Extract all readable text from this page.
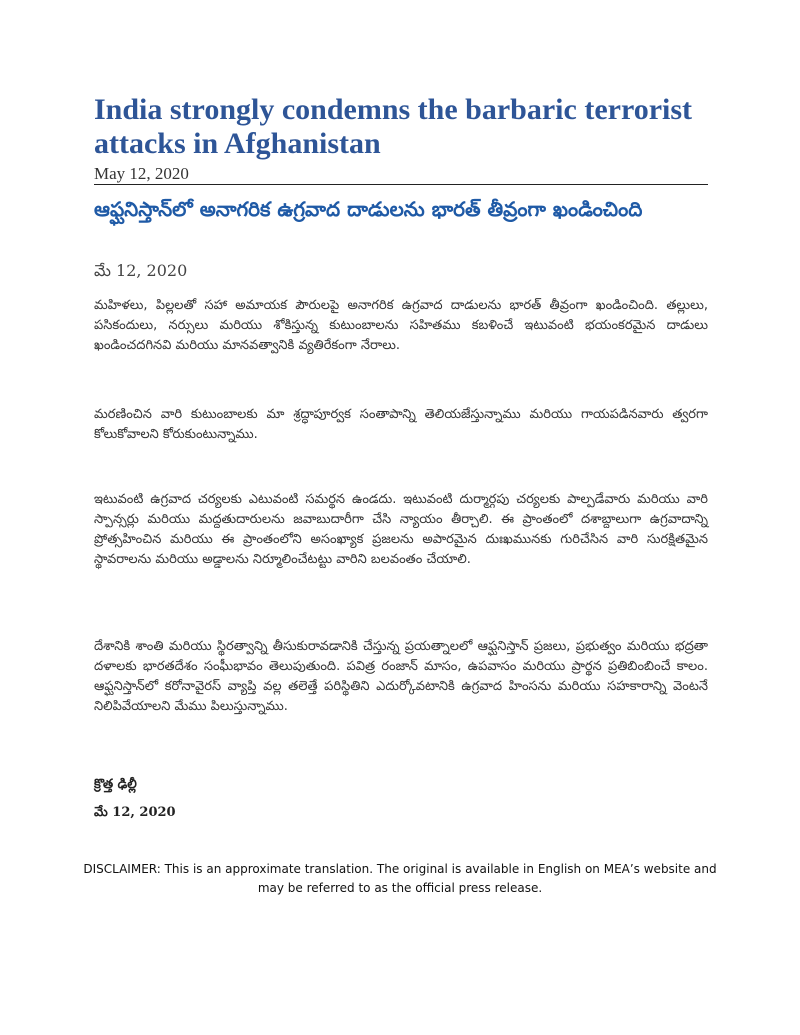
India strongly condemns the barbaric terrorist attacks in Afghanistan
May 12, 2020
ఆఫ్ఘనిస్తాన్‌లో అనాగరిక ఉగ్రవాద దాడులను భారత్ తీవ్రంగా ఖండించింది
మే 12, 2020

మహిళలు, పిల్లలతో సహా అమాయక పౌరులపై అనాగరిక ఉగ్రవాద దాడులను భారత్ తీవ్రంగా ఖండించింది. తల్లులు, పసికందులు, నర్సులు మరియు శోకిస్తున్న కుటుంబాలను సహితము కబళించే ఇటువంటి భయంకరమైన దాడులు ఖండించదగినవి మరియు మానవత్వానికి వ్యతిరేకంగా నేరాలు.

మరణించిన వారి కుటుంబాలకు మా శ్రద్ధాపూర్వక సంతాపాన్ని తెలియజేస్తున్నాము మరియు గాయపడినవారు త్వరగా కోలుకోవాలని కోరుకుంటున్నాము.

ఇటువంటి ఉగ్రవాద చర్యలకు ఎటువంటి సమర్థన ఉండదు. ఇటువంటి దుర్మార్గపు చర్యలకు పాల్పడేవారు మరియు వారి స్పాన్సర్లు మరియు మద్దతుదారులను జవాబుదారీగా చేసి న్యాయం తీర్చాలి. ఈ ప్రాంతంలో దశాబ్దాలుగా ఉగ్రవాదాన్ని ప్రోత్సహించిన మరియు ఈ ప్రాంతంలోని అసంఖ్యాక ప్రజలను అపారమైన దుఃఖమునకు గురిచేసిన వారి సురక్షితమైన స్థావరాలను మరియు అడ్డాలను నిర్మూలించేటట్టు వారిని బలవంతం చేయాలి.

దేశానికి శాంతి మరియు స్థిరత్వాన్ని తీసుకురావడానికి చేస్తున్న ప్రయత్నాలలో ఆఫ్ఘనిస్తాన్ ప్రజలు, ప్రభుత్వం మరియు భద్రతా దళాలకు భారతదేశం సంఘీభావం తెలుపుతుంది. పవిత్ర రంజాన్ మాసం, ఉపవాసం మరియు ప్రార్థన ప్రతిబింబించే కాలం. ఆఫ్ఘనిస్తాన్‌లో కరోనావైరస్ వ్యాప్తి వల్ల తలెత్తే పరిస్థితిని ఎదుర్కోవటానికి ఉగ్రవాద హింసను మరియు సహకారాన్ని వెంటనే నిలిపివేయాలని మేము పిలుస్తున్నాము.

క్రొత్త ఢిల్లీ
మే 12, 2020

DISCLAIMER: This is an approximate translation. The original is available in English on MEA’s website and may be referred to as the official press release.
